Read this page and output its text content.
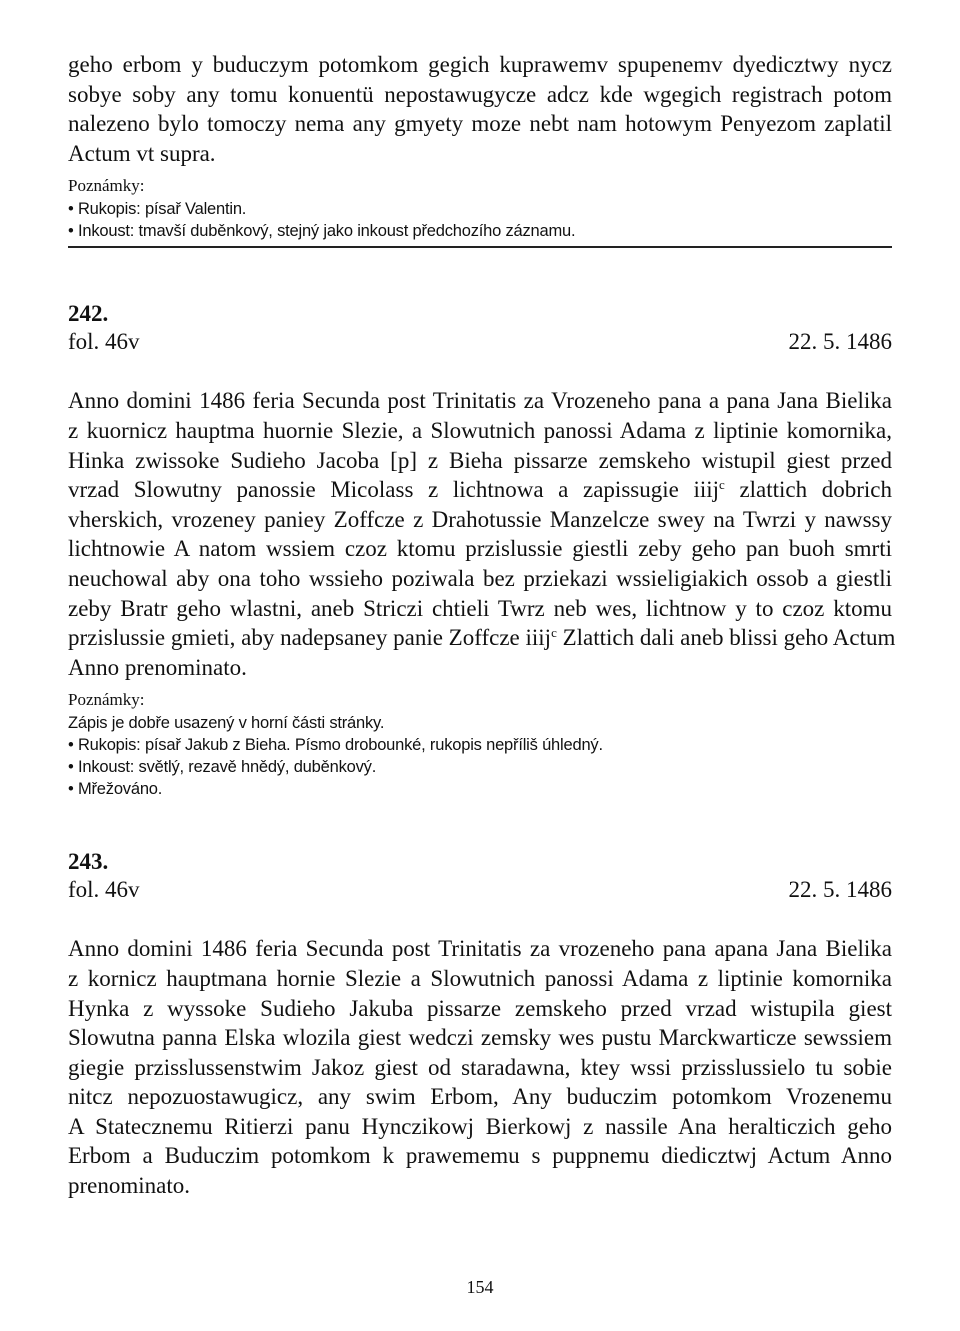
geho erbom y buduczym potomkom gegich kuprawemv spupenemv dyedicztwy nycz
sobye soby any tomu konuentü nepostawugycze adcz kde wgegich registrach potom
nalezeno bylo tomoczy nema any gmyety moze nebt nam hotowym Penyezom zaplatil
Actum vt supra.

Poznámky:

• Rukopis: písař Valentin.

• Inkoust: tmavší duběnkový, stejný jako inkoust předchozího záznamu.

242.

fol. 46v	22. 5. 1486

Anno domini 1486 feria Secunda post Trinitatis za Vrozeneho pana a pana Jana Bielika
z kuornicz hauptma huornie Slezie, a Slowutnich panossi Adama z liptinie komornika,
Hinka zwissoke Sudieho Jacoba [p] z Bieha pissarze zemskeho wistupil giest przed
vrzad Slowutny panossie Micolass z lichtnowa a zapissugie iiij$^c$ zlattich dobrich
vherskich, vrozeney paniey Zoffcze z Drahotussie Manzelcze swey na Twrzi y nawssy
lichtnowie A natom wssiem czoz ktomu przislussie giestli zeby geho pan buoh smrti
neuchowal aby ona toho wssieho poziwala bez prziekazi wssieligiakich ossob a giestli
zeby Bratr geho wlastni, aneb Striczi chtieli Twrz neb wes, lichtnow y to czoz ktomu
przislussie gmieti, aby nadepsaney panie Zoffcze iiij$^c$ Zlattich dali aneb blissi geho Actum
Anno prenominato.

Poznámky:

Zápis je dobře usazený v horní části stránky.

• Rukopis: písař Jakub z Bieha. Písmo drobounké, rukopis nepříliš úhledný.

• Inkoust: světlý, rezavě hnědý, duběnkový.

• Mřežováno.

243.

fol. 46v	22. 5. 1486

Anno domini 1486 feria Secunda post Trinitatis za vrozeneho pana apana Jana Bielika
z kornicz hauptmana hornie Slezie a Slowutnich panossi Adama z liptinie komornika
Hynka z wyssoke Sudieho Jakuba pissarze zemskeho przed vrzad wistupila giest
Slowutna panna Elska wlozila giest wedczi zemsky wes pustu Marckwarticze sewssiem
giegie przisslussenstwim Jakoz giest od staradawna, ktey wssi przisslussielo tu sobie
nitcz nepozuostawugicz, any swim Erbom, Any buduczim potomkom Vrozenemu
A Statecznemu Ritierzi panu Hynczikowj Bierkowj z nassile Ana heralticzich geho
Erbom a Buduczim potomkom k prawememu s puppnemu diedicztwj Actum Anno
prenominato.

154
